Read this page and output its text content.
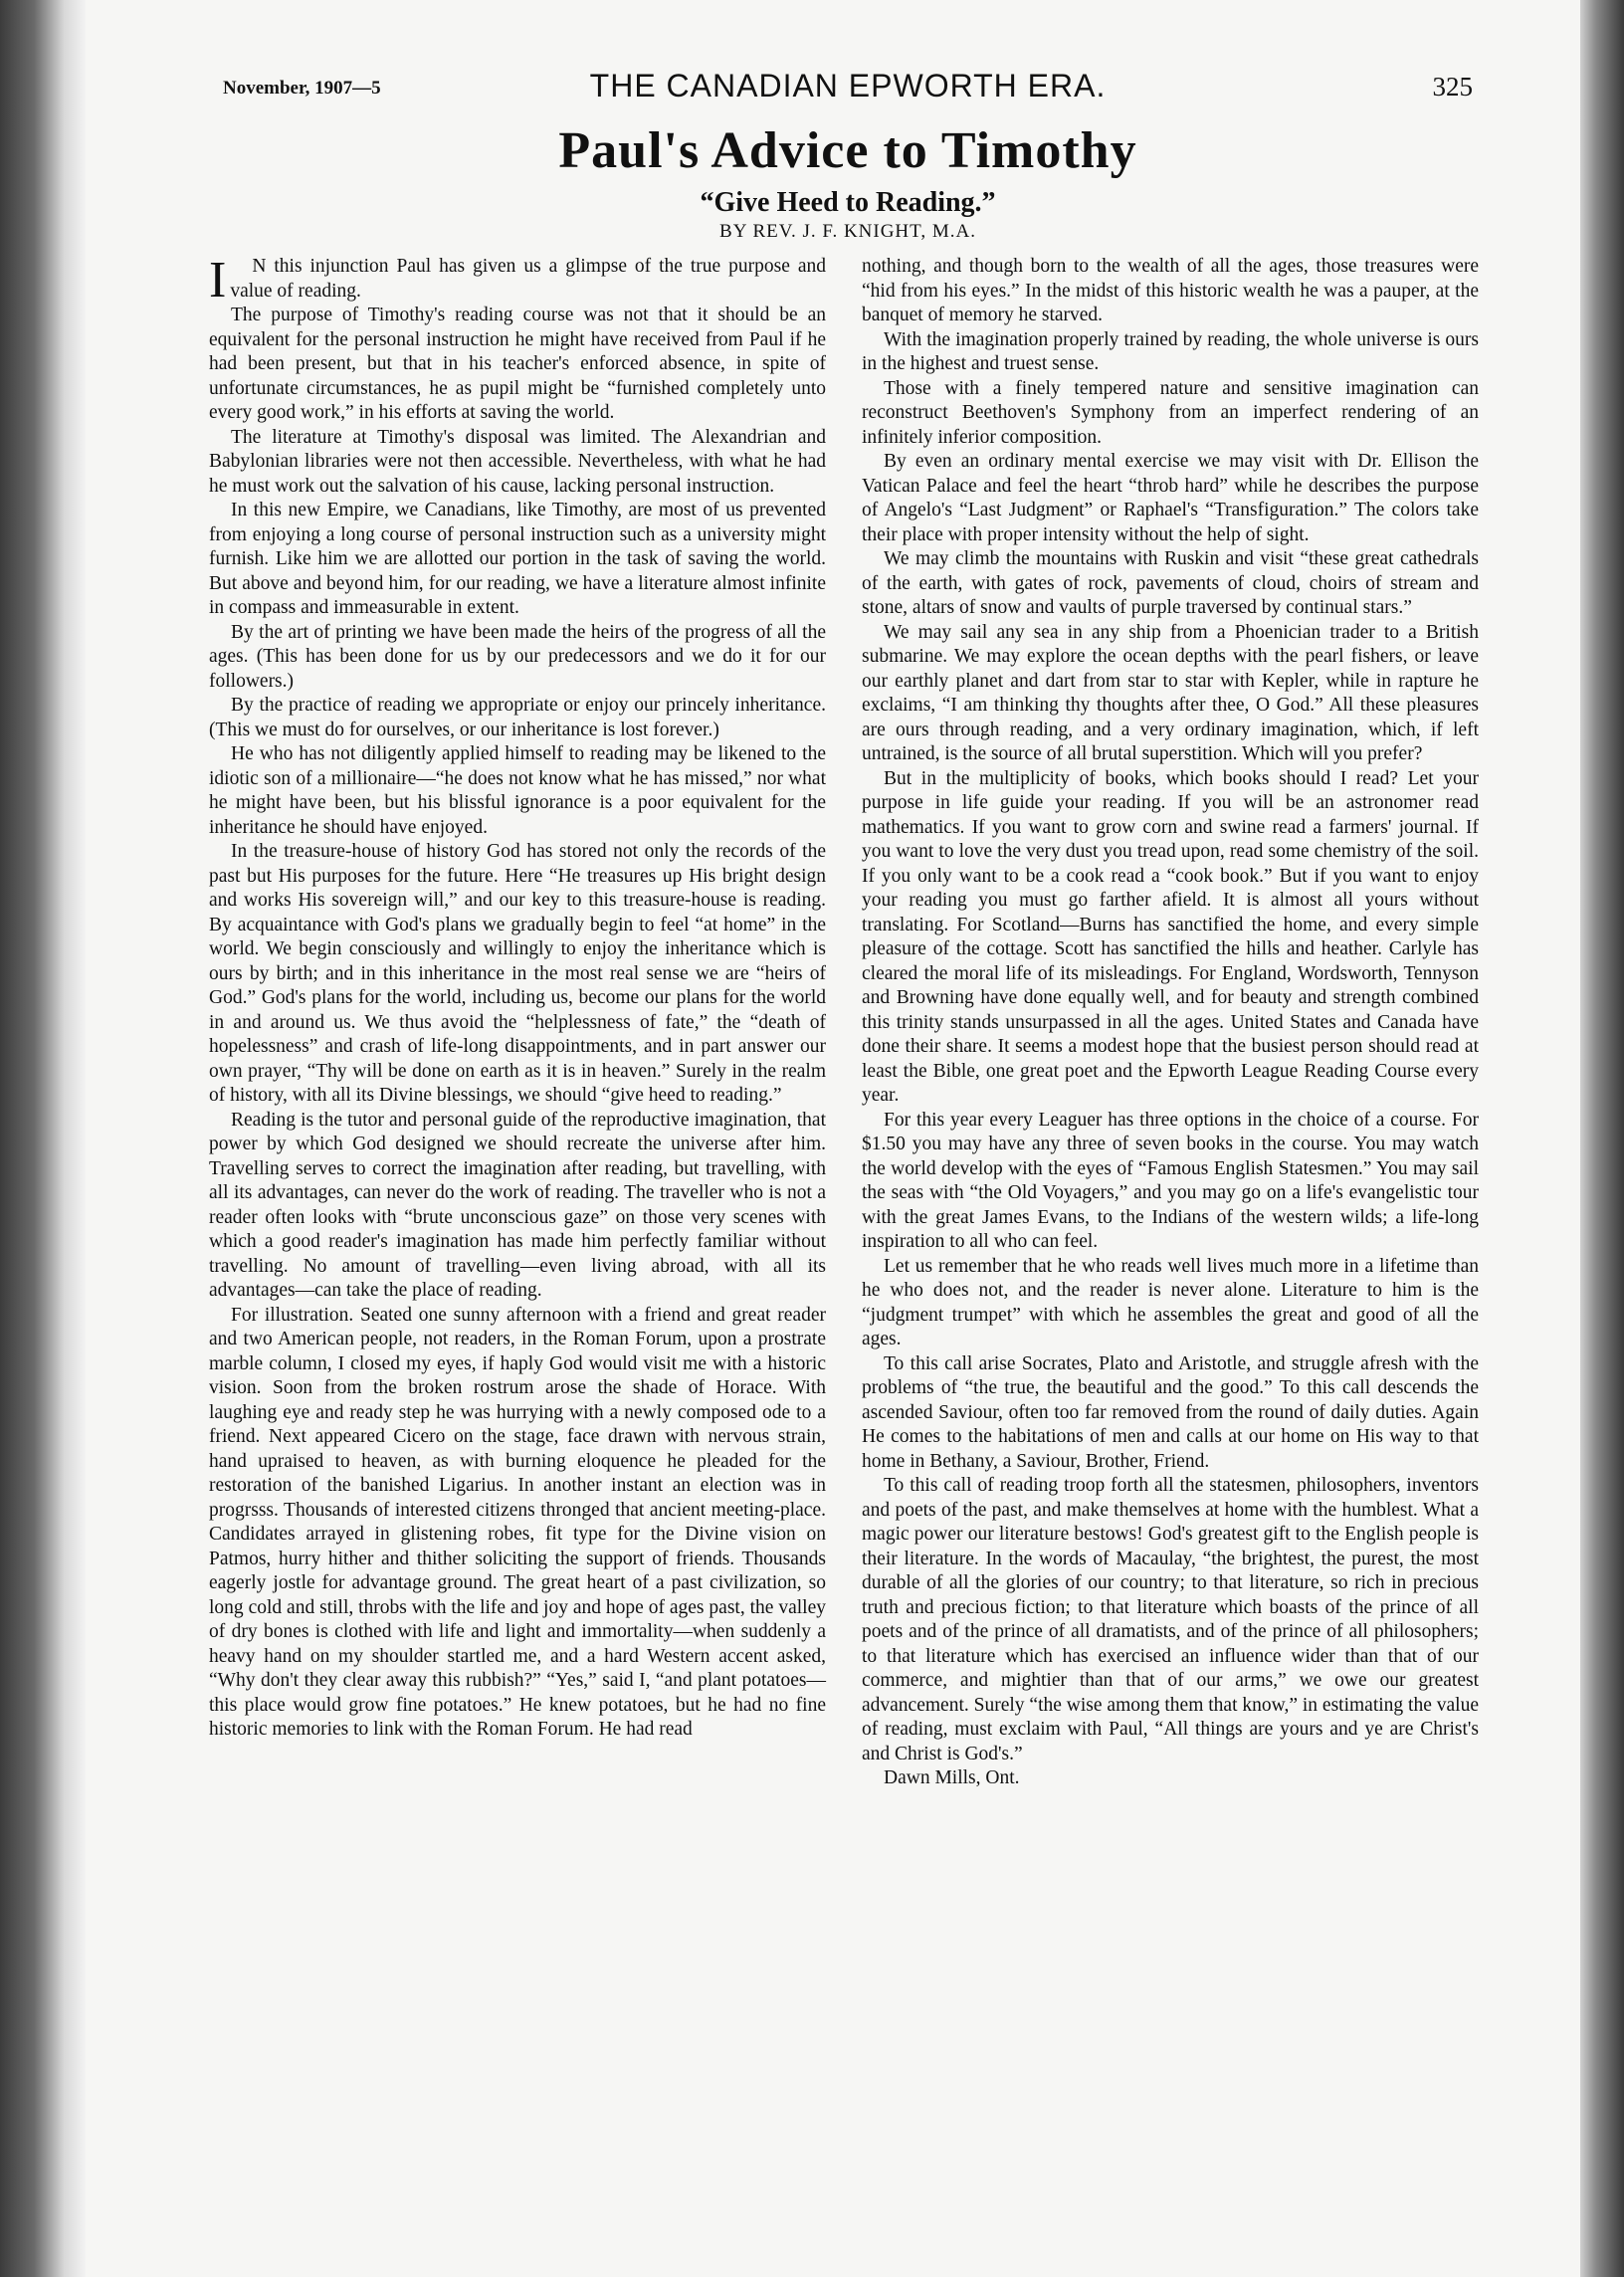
November, 1907—5	THE CANADIAN EPWORTH ERA.	325
Paul's Advice to Timothy
“Give Heed to Reading.”
BY REV. J. F. KNIGHT, M.A.

I N this injunction Paul has given us a glimpse of the true purpose and value of reading.

The purpose of Timothy's reading course was not that it should be an equivalent for the personal instruction he might have received from Paul if he had been present, but that in his teacher's enforced absence, in spite of unfortunate circumstances, he as pupil might be “furnished completely unto every good work,” in his efforts at saving the world.

The literature at Timothy's disposal was limited. The Alexandrian and Babylonian libraries were not then accessible. Nevertheless, with what he had he must work out the salvation of his cause, lacking personal instruction.

In this new Empire, we Canadians, like Timothy, are most of us prevented from enjoying a long course of personal instruction such as a university might furnish. Like him we are allotted our portion in the task of saving the world. But above and beyond him, for our reading, we have a literature almost infinite in compass and immeasurable in extent.

By the art of printing we have been made the heirs of the progress of all the ages. (This has been done for us by our predecessors and we do it for our followers.)

By the practice of reading we appropriate or enjoy our princely inheritance. (This we must do for ourselves, or our inheritance is lost forever.)

He who has not diligently applied himself to reading may be likened to the idiotic son of a millionaire—“he does not know what he has missed,” nor what he might have been, but his blissful ignorance is a poor equivalent for the inheritance he should have enjoyed.

In the treasure-house of history God has stored not only the records of the past but His purposes for the future. Here “He treasures up His bright design and works His sovereign will,” and our key to this treasure-house is reading. By acquaintance with God's plans we gradually begin to feel “at home” in the world. We begin consciously and willingly to enjoy the inheritance which is ours by birth; and in this inheritance in the most real sense we are “heirs of God.” God's plans for the world, including us, become our plans for the world in and around us. We thus avoid the “helplessness of fate,” the “death of hopelessness” and crash of life-long disappointments, and in part answer our own prayer, “Thy will be done on earth as it is in heaven.” Surely in the realm of history, with all its Divine blessings, we should “give heed to reading.”

Reading is the tutor and personal guide of the reproductive imagination, that power by which God designed we should recreate the universe after him. Travelling serves to correct the imagination after reading, but travelling, with all its advantages, can never do the work of reading. The traveller who is not a reader often looks with “brute unconscious gaze” on those very scenes with which a good reader's imagination has made him perfectly familiar without travelling. No amount of travelling—even living abroad, with all its advantages—can take the place of reading.

For illustration. Seated one sunny afternoon with a friend and great reader and two American people, not readers, in the Roman Forum, upon a prostrate marble column, I closed my eyes, if haply God would visit me with a historic vision. Soon from the broken rostrum arose the shade of Horace. With laughing eye and ready step he was hurrying with a newly composed ode to a friend. Next appeared Cicero on the stage, face drawn with nervous strain, hand upraised to heaven, as with burning eloquence he pleaded for the restoration of the banished Ligarius. In another instant an election was in progrsss. Thousands of interested citizens thronged that ancient meeting-place. Candidates arrayed in glistening robes, fit type for the Divine vision on Patmos, hurry hither and thither soliciting the support of friends. Thousands eagerly jostle for advantage ground. The great heart of a past civilization, so long cold and still, throbs with the life and joy and hope of ages past, the valley of dry bones is clothed with life and light and immortality—when suddenly a heavy hand on my shoulder startled me, and a hard Western accent asked, “Why don't they clear away this rubbish?” “Yes,” said I, “and plant potatoes—this place would grow fine potatoes.” He knew potatoes, but he had no fine historic memories to link with the Roman Forum. He had read

nothing, and though born to the wealth of all the ages, those treasures were “hid from his eyes.” In the midst of this historic wealth he was a pauper, at the banquet of memory he starved.

With the imagination properly trained by reading, the whole universe is ours in the highest and truest sense.

Those with a finely tempered nature and sensitive imagination can reconstruct Beethoven's Symphony from an imperfect rendering of an infinitely inferior composition.

By even an ordinary mental exercise we may visit with Dr. Ellison the Vatican Palace and feel the heart “throb hard” while he describes the purpose of Angelo's “Last Judgment” or Raphael's “Transfiguration.” The colors take their place with proper intensity without the help of sight.

We may climb the mountains with Ruskin and visit “these great cathedrals of the earth, with gates of rock, pavements of cloud, choirs of stream and stone, altars of snow and vaults of purple traversed by continual stars.”

We may sail any sea in any ship from a Phoenician trader to a British submarine. We may explore the ocean depths with the pearl fishers, or leave our earthly planet and dart from star to star with Kepler, while in rapture he exclaims, “I am thinking thy thoughts after thee, O God.” All these pleasures are ours through reading, and a very ordinary imagination, which, if left untrained, is the source of all brutal superstition. Which will you prefer?

But in the multiplicity of books, which books should I read? Let your purpose in life guide your reading. If you will be an astronomer read mathematics. If you want to grow corn and swine read a farmers' journal. If you want to love the very dust you tread upon, read some chemistry of the soil. If you only want to be a cook read a “cook book.” But if you want to enjoy your reading you must go farther afield. It is almost all yours without translating. For Scotland—Burns has sanctified the home, and every simple pleasure of the cottage. Scott has sanctified the hills and heather. Carlyle has cleared the moral life of its misleadings. For England, Wordsworth, Tennyson and Browning have done equally well, and for beauty and strength combined this trinity stands unsurpassed in all the ages. United States and Canada have done their share. It seems a modest hope that the busiest person should read at least the Bible, one great poet and the Epworth League Reading Course every year.

For this year every Leaguer has three options in the choice of a course. For $1.50 you may have any three of seven books in the course. You may watch the world develop with the eyes of “Famous English Statesmen.” You may sail the seas with “the Old Voyagers,” and you may go on a life's evangelistic tour with the great James Evans, to the Indians of the western wilds; a life-long inspiration to all who can feel.

Let us remember that he who reads well lives much more in a lifetime than he who does not, and the reader is never alone. Literature to him is the “judgment trumpet” with which he assembles the great and good of all the ages.

To this call arise Socrates, Plato and Aristotle, and struggle afresh with the problems of “the true, the beautiful and the good.” To this call descends the ascended Saviour, often too far removed from the round of daily duties. Again He comes to the habitations of men and calls at our home on His way to that home in Bethany, a Saviour, Brother, Friend.

To this call of reading troop forth all the statesmen, philosophers, inventors and poets of the past, and make themselves at home with the humblest. What a magic power our literature bestows! God's greatest gift to the English people is their literature. In the words of Macaulay, “the brightest, the purest, the most durable of all the glories of our country; to that literature, so rich in precious truth and precious fiction; to that literature which boasts of the prince of all poets and of the prince of all dramatists, and of the prince of all philosophers; to that literature which has exercised an influence wider than that of our commerce, and mightier than that of our arms,” we owe our greatest advancement. Surely “the wise among them that know,” in estimating the value of reading, must exclaim with Paul, “All things are yours and ye are Christ's and Christ is God's.”

Dawn Mills, Ont.
